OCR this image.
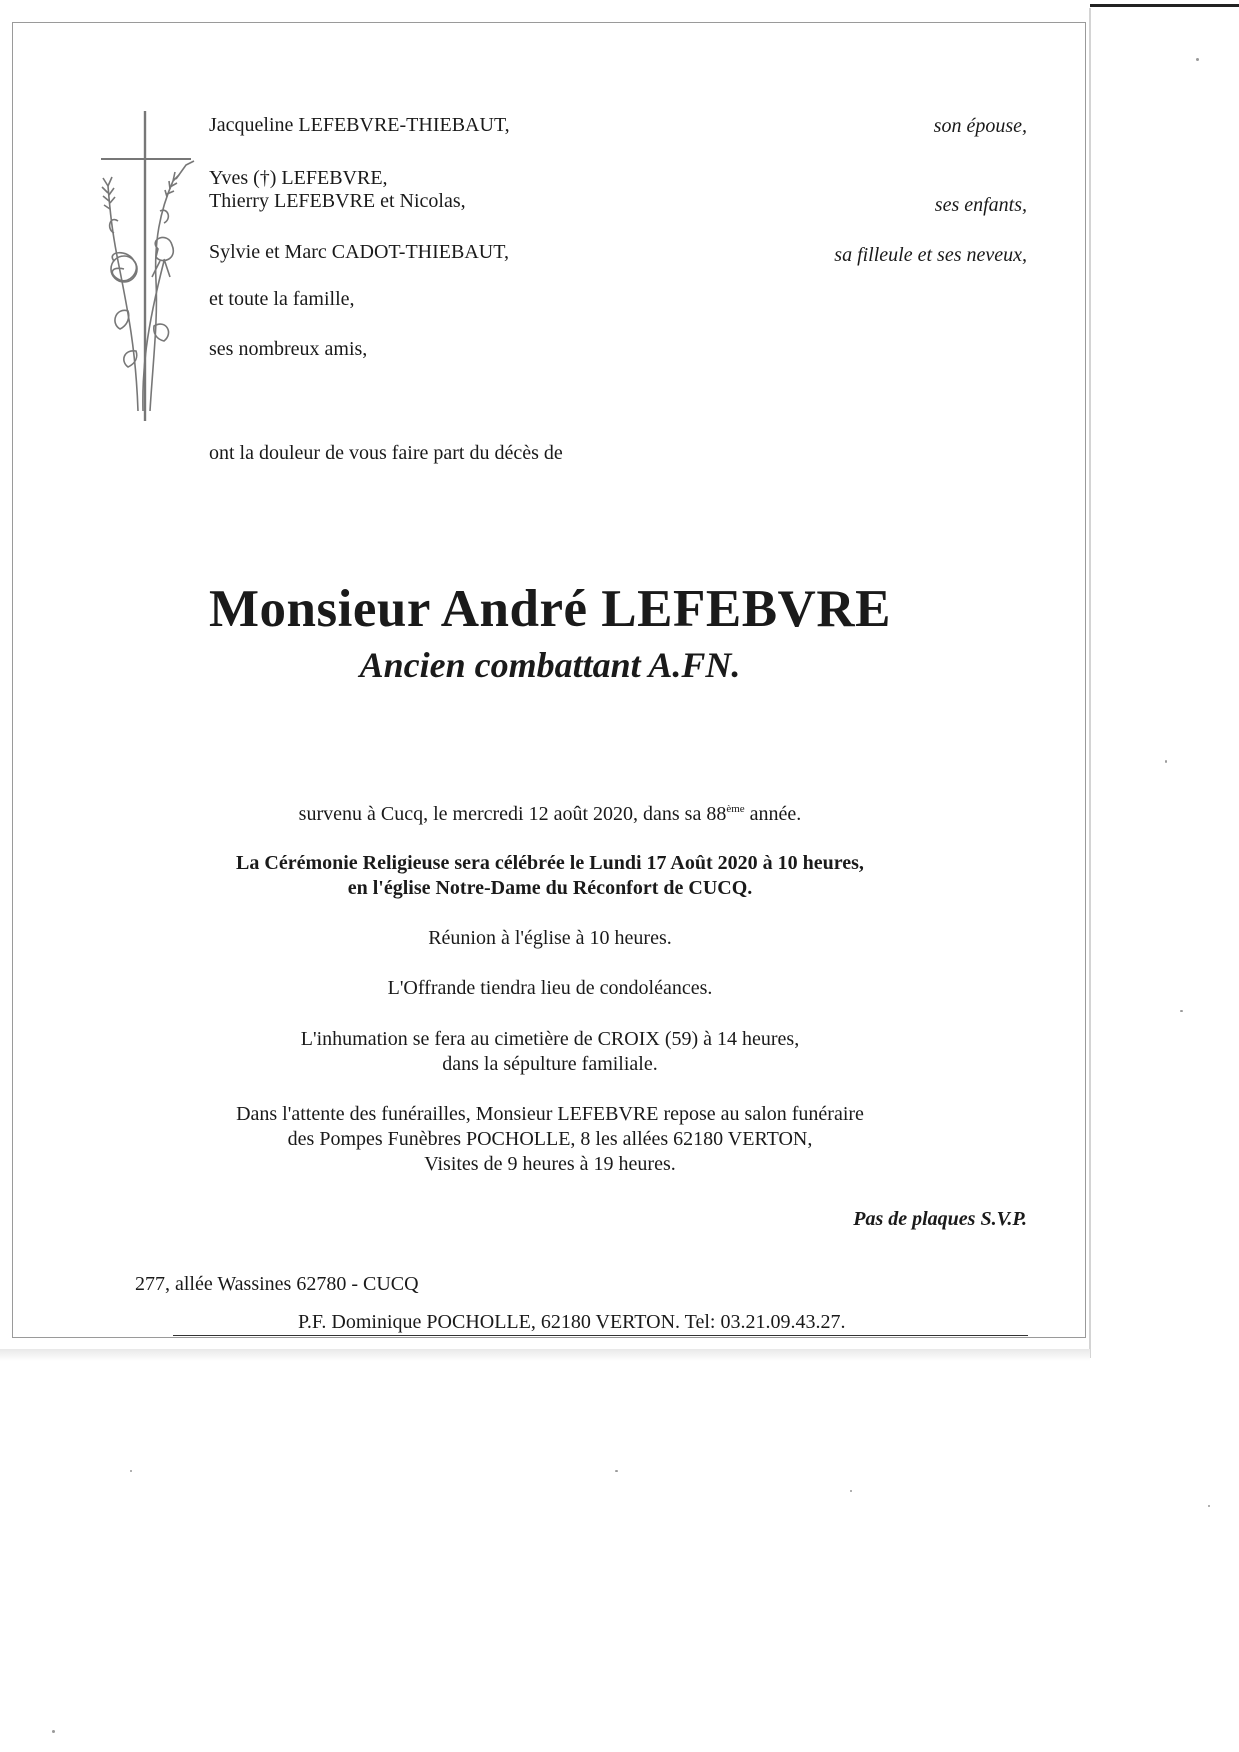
Jacqueline LEFEBVRE-THIEBAUT,	son épouse,
Yves (†) LEFEBVRE,
Thierry LEFEBVRE et Nicolas,	ses enfants,
Sylvie et Marc CADOT-THIEBAUT,	sa filleule et ses neveux,
et toute la famille,
ses nombreux amis,
ont la douleur de vous faire part du décès de
Monsieur André LEFEBVRE
Ancien combattant A.FN.
survenu à Cucq, le mercredi 12 août 2020, dans sa 88ème année.
La Cérémonie Religieuse sera célébrée le Lundi 17 Août 2020 à 10 heures,
en l'église Notre-Dame du Réconfort de CUCQ.
Réunion à l'église à 10 heures.
L'Offrande tiendra lieu de condoléances.
L'inhumation se fera au cimetière de CROIX (59) à 14 heures,
dans la sépulture familiale.
Dans l'attente des funérailles, Monsieur LEFEBVRE repose au salon funéraire
des Pompes Funèbres POCHOLLE, 8 les allées 62180 VERTON,
Visites de 9 heures à 19 heures.
Pas de plaques S.V.P.
277, allée Wassines 62780 - CUCQ
P.F. Dominique POCHOLLE, 62180 VERTON. Tel: 03.21.09.43.27.
